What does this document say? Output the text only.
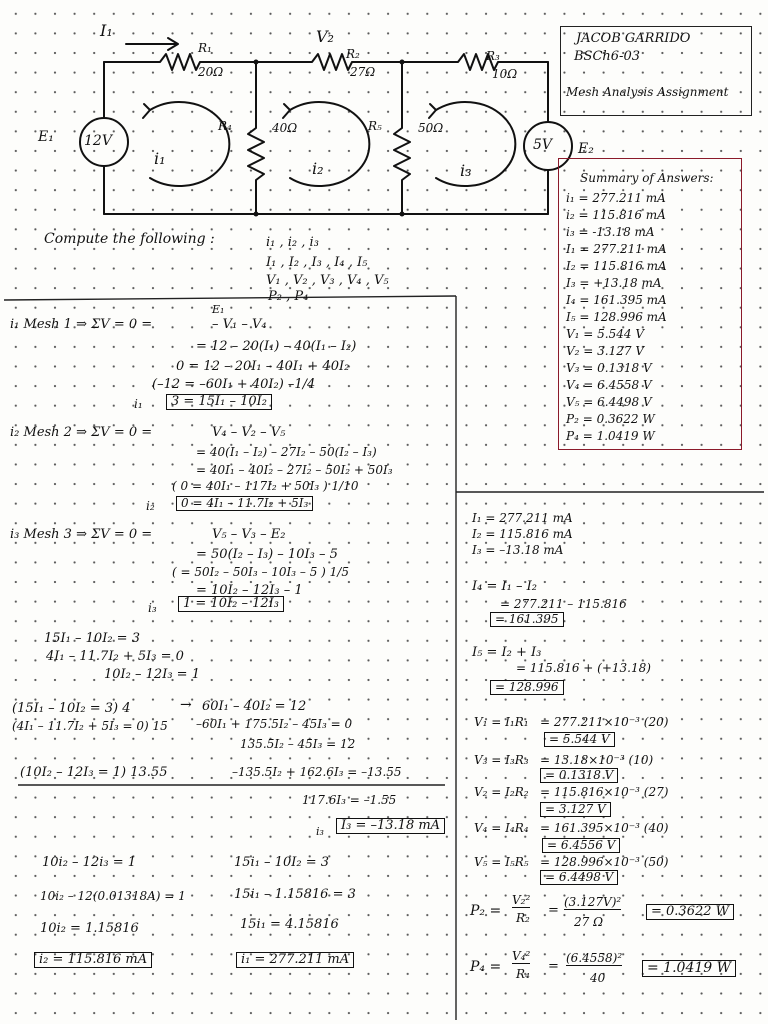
I₁	V₂
R₁
20Ω
R₂
27Ω
R₃
10Ω
R₄	40Ω	R₅	50Ω
E₁ 12V	E₂
5V
i₁
i₂	i₃
JACOB GARRIDO
BSCh6-03
Mesh Analysis Assignment
Summary of Answers:
i₁ = 277.211 mA
i₂ = 115.816 mA
i₃ = -13.18 mA
I₁ = 277.211 mA
I₂ = 115.816 mA
I₃ = +13.18 mA
I₄ = 161.395 mA
I₅ = 128.996 mA
V₁ = 5.544 V
V₂ = 3.127 V
V₃ = 0.1318 V
V₄ = 6.4558 V
V₅ = 6.4498 V
P₂ = 0.3622 W
P₄ = 1.0419 W
Compute the following :	i₁ , i₂ , i₃
I₁ , I₂ , I₃ , I₄ , I₅
V₁ , V₂ , V₃ , V₄ , V₅
P₂ , P₄
i₁ Mesh 1 ⇒ ΣV = 0 =
E₁
– V₁ – V₄
= 12 – 20(I₁) – 40(I₁ – I₂)
0 = 12 – 20I₁ – 40I₁ + 40I₂
(–12 = –60I₁ + 40I₂) –1/4
i₁	3 = 15I₁ – 10I₂
i₂ Mesh 2 ⇒ ΣV = 0 =	V₄ – V₂ – V₅
= 40(I₁ – I₂) – 27I₂ – 50(I₂ – I₃)
= 40I₁ – 40I₂ – 27I₂ – 50I₂ + 50I₃
( 0 = 40I₁ – 117I₂ + 50I₃ ) 1/10
i₂	0 = 4I₁ – 11.7I₂ + 5I₃
i₃ Mesh 3 ⇒ ΣV = 0 =	V₅ – V₃ – E₂
= 50(I₂ – I₃) – 10I₃ – 5
( = 50I₂ – 50I₃ – 10I₃ – 5 ) 1/5
= 10I₂ – 12I₃ – 1
i₃	1 = 10I₂ – 12I₃
15I₁ – 10I₂ = 3
4I₁ – 11.7I₂ + 5I₃ = 0
10I₂ – 12I₃ = 1
(15I₁ – 10I₂ = 3) 4
(4I₁ – 11.7I₂ + 5I₃ = 0) 15
→ 60I₁ – 40I₂ = 12
–60I₁ + 175.5I₂ – 45I₃ = 0
135.5I₂ – 45I₃ = 12
(10I₂ – 12I₃ = 1) 13.55	–135.5I₂ + 162.6I₃ = –13.55
117.6I₃ = –1.55
i₃	I₃ = –13.18 mA
10i₂ – 12i₃ = 1
10i₂ – 12(0.01318A) = 1
10i₂ = 1.15816
i₂ = 115.816 mA
15i₁ – 10I₂ = 3
15i₁ – 1.15816 = 3
15i₁ = 4.15816
i₁ = 277.211 mA
I₁ = 277.211 mA
I₂ = 115.816 mA
I₃ = –13.18 mA
I₄ = I₁ – I₂
= 277.211 – 115.816
= 161.395
I₅ = I₂ + I₃
= 115.816 + (+13.18)
= 128.996
V₁ = I₁R₁ = 277.211×10⁻³ (20)
= 5.544 V
V₃ = I₃R₃ = 13.18×10⁻³ (10)
= 0.1318 V
V₂ = I₂R₂ = 115.816×10⁻³ (27)
= 3.127 V
V₄ = I₄R₄ = 161.395×10⁻³ (40)
= 6.4556 V
V₅ = I₅R₅ = 128.996×10⁻³ (50)
= 6.4498 V
P₂ =
V₂²
R₂ =
(3.127V)²
27 Ω
= 0.3622 W
P₄ =
V₄²
R₄ =
(6.4558)²
40
= 1.0419 W
